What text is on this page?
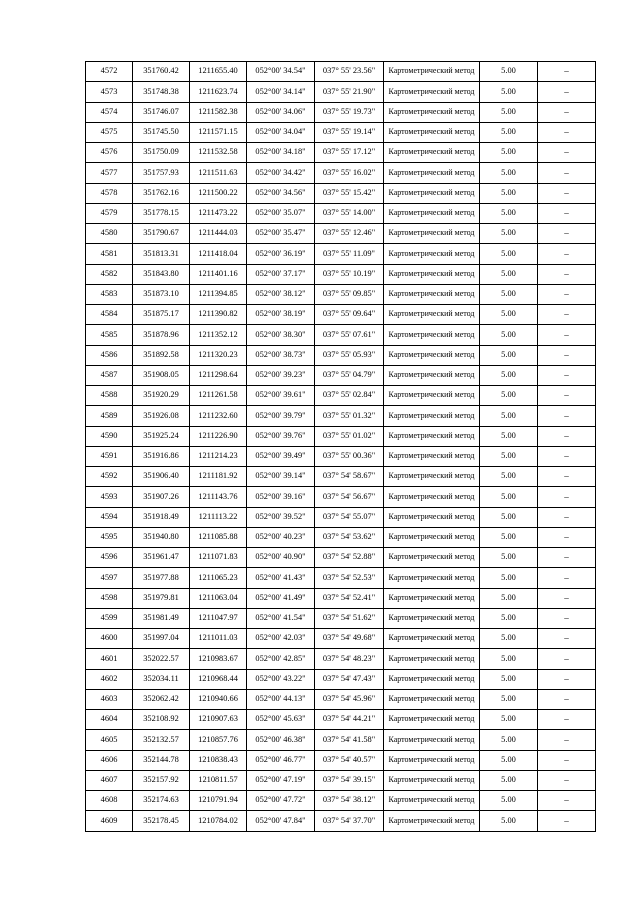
4572	351760.42	1211655.40	052°00' 34.54"	037° 55' 23.56"	Картометрический метод	5.00	–
4573	351748.38	1211623.74	052°00' 34.14"	037° 55' 21.90"	Картометрический метод	5.00	–
4574	351746.07	1211582.38	052°00' 34.06"	037° 55' 19.73"	Картометрический метод	5.00	–
4575	351745.50	1211571.15	052°00' 34.04"	037° 55' 19.14"	Картометрический метод	5.00	–
4576	351750.09	1211532.58	052°00' 34.18"	037° 55' 17.12"	Картометрический метод	5.00	–
4577	351757.93	1211511.63	052°00' 34.42"	037° 55' 16.02"	Картометрический метод	5.00	–
4578	351762.16	1211500.22	052°00' 34.56"	037° 55' 15.42"	Картометрический метод	5.00	–
4579	351778.15	1211473.22	052°00' 35.07"	037° 55' 14.00"	Картометрический метод	5.00	–
4580	351790.67	1211444.03	052°00' 35.47"	037° 55' 12.46"	Картометрический метод	5.00	–
4581	351813.31	1211418.04	052°00' 36.19"	037° 55' 11.09"	Картометрический метод	5.00	–
4582	351843.80	1211401.16	052°00' 37.17"	037° 55' 10.19"	Картометрический метод	5.00	–
4583	351873.10	1211394.85	052°00' 38.12"	037° 55' 09.85"	Картометрический метод	5.00	–
4584	351875.17	1211390.82	052°00' 38.19"	037° 55' 09.64"	Картометрический метод	5.00	–
4585	351878.96	1211352.12	052°00' 38.30"	037° 55' 07.61"	Картометрический метод	5.00	–
4586	351892.58	1211320.23	052°00' 38.73"	037° 55' 05.93"	Картометрический метод	5.00	–
4587	351908.05	1211298.64	052°00' 39.23"	037° 55' 04.79"	Картометрический метод	5.00	–
4588	351920.29	1211261.58	052°00' 39.61"	037° 55' 02.84"	Картометрический метод	5.00	–
4589	351926.08	1211232.60	052°00' 39.79"	037° 55' 01.32"	Картометрический метод	5.00	–
4590	351925.24	1211226.90	052°00' 39.76"	037° 55' 01.02"	Картометрический метод	5.00	–
4591	351916.86	1211214.23	052°00' 39.49"	037° 55' 00.36"	Картометрический метод	5.00	–
4592	351906.40	1211181.92	052°00' 39.14"	037° 54' 58.67"	Картометрический метод	5.00	–
4593	351907.26	1211143.76	052°00' 39.16"	037° 54' 56.67"	Картометрический метод	5.00	–
4594	351918.49	1211113.22	052°00' 39.52"	037° 54' 55.07"	Картометрический метод	5.00	–
4595	351940.80	1211085.88	052°00' 40.23"	037° 54' 53.62"	Картометрический метод	5.00	–
4596	351961.47	1211071.83	052°00' 40.90"	037° 54' 52.88"	Картометрический метод	5.00	–
4597	351977.88	1211065.23	052°00' 41.43"	037° 54' 52.53"	Картометрический метод	5.00	–
4598	351979.81	1211063.04	052°00' 41.49"	037° 54' 52.41"	Картометрический метод	5.00	–
4599	351981.49	1211047.97	052°00' 41.54"	037° 54' 51.62"	Картометрический метод	5.00	–
4600	351997.04	1211011.03	052°00' 42.03"	037° 54' 49.68"	Картометрический метод	5.00	–
4601	352022.57	1210983.67	052°00' 42.85"	037° 54' 48.23"	Картометрический метод	5.00	–
4602	352034.11	1210968.44	052°00' 43.22"	037° 54' 47.43"	Картометрический метод	5.00	–
4603	352062.42	1210940.66	052°00' 44.13"	037° 54' 45.96"	Картометрический метод	5.00	–
4604	352108.92	1210907.63	052°00' 45.63"	037° 54' 44.21"	Картометрический метод	5.00	–
4605	352132.57	1210857.76	052°00' 46.38"	037° 54' 41.58"	Картометрический метод	5.00	–
4606	352144.78	1210838.43	052°00' 46.77"	037° 54' 40.57"	Картометрический метод	5.00	–
4607	352157.92	1210811.57	052°00' 47.19"	037° 54' 39.15"	Картометрический метод	5.00	–
4608	352174.63	1210791.94	052°00' 47.72"	037° 54' 38.12"	Картометрический метод	5.00	–
4609	352178.45	1210784.02	052°00' 47.84"	037° 54' 37.70"	Картометрический метод	5.00	–
